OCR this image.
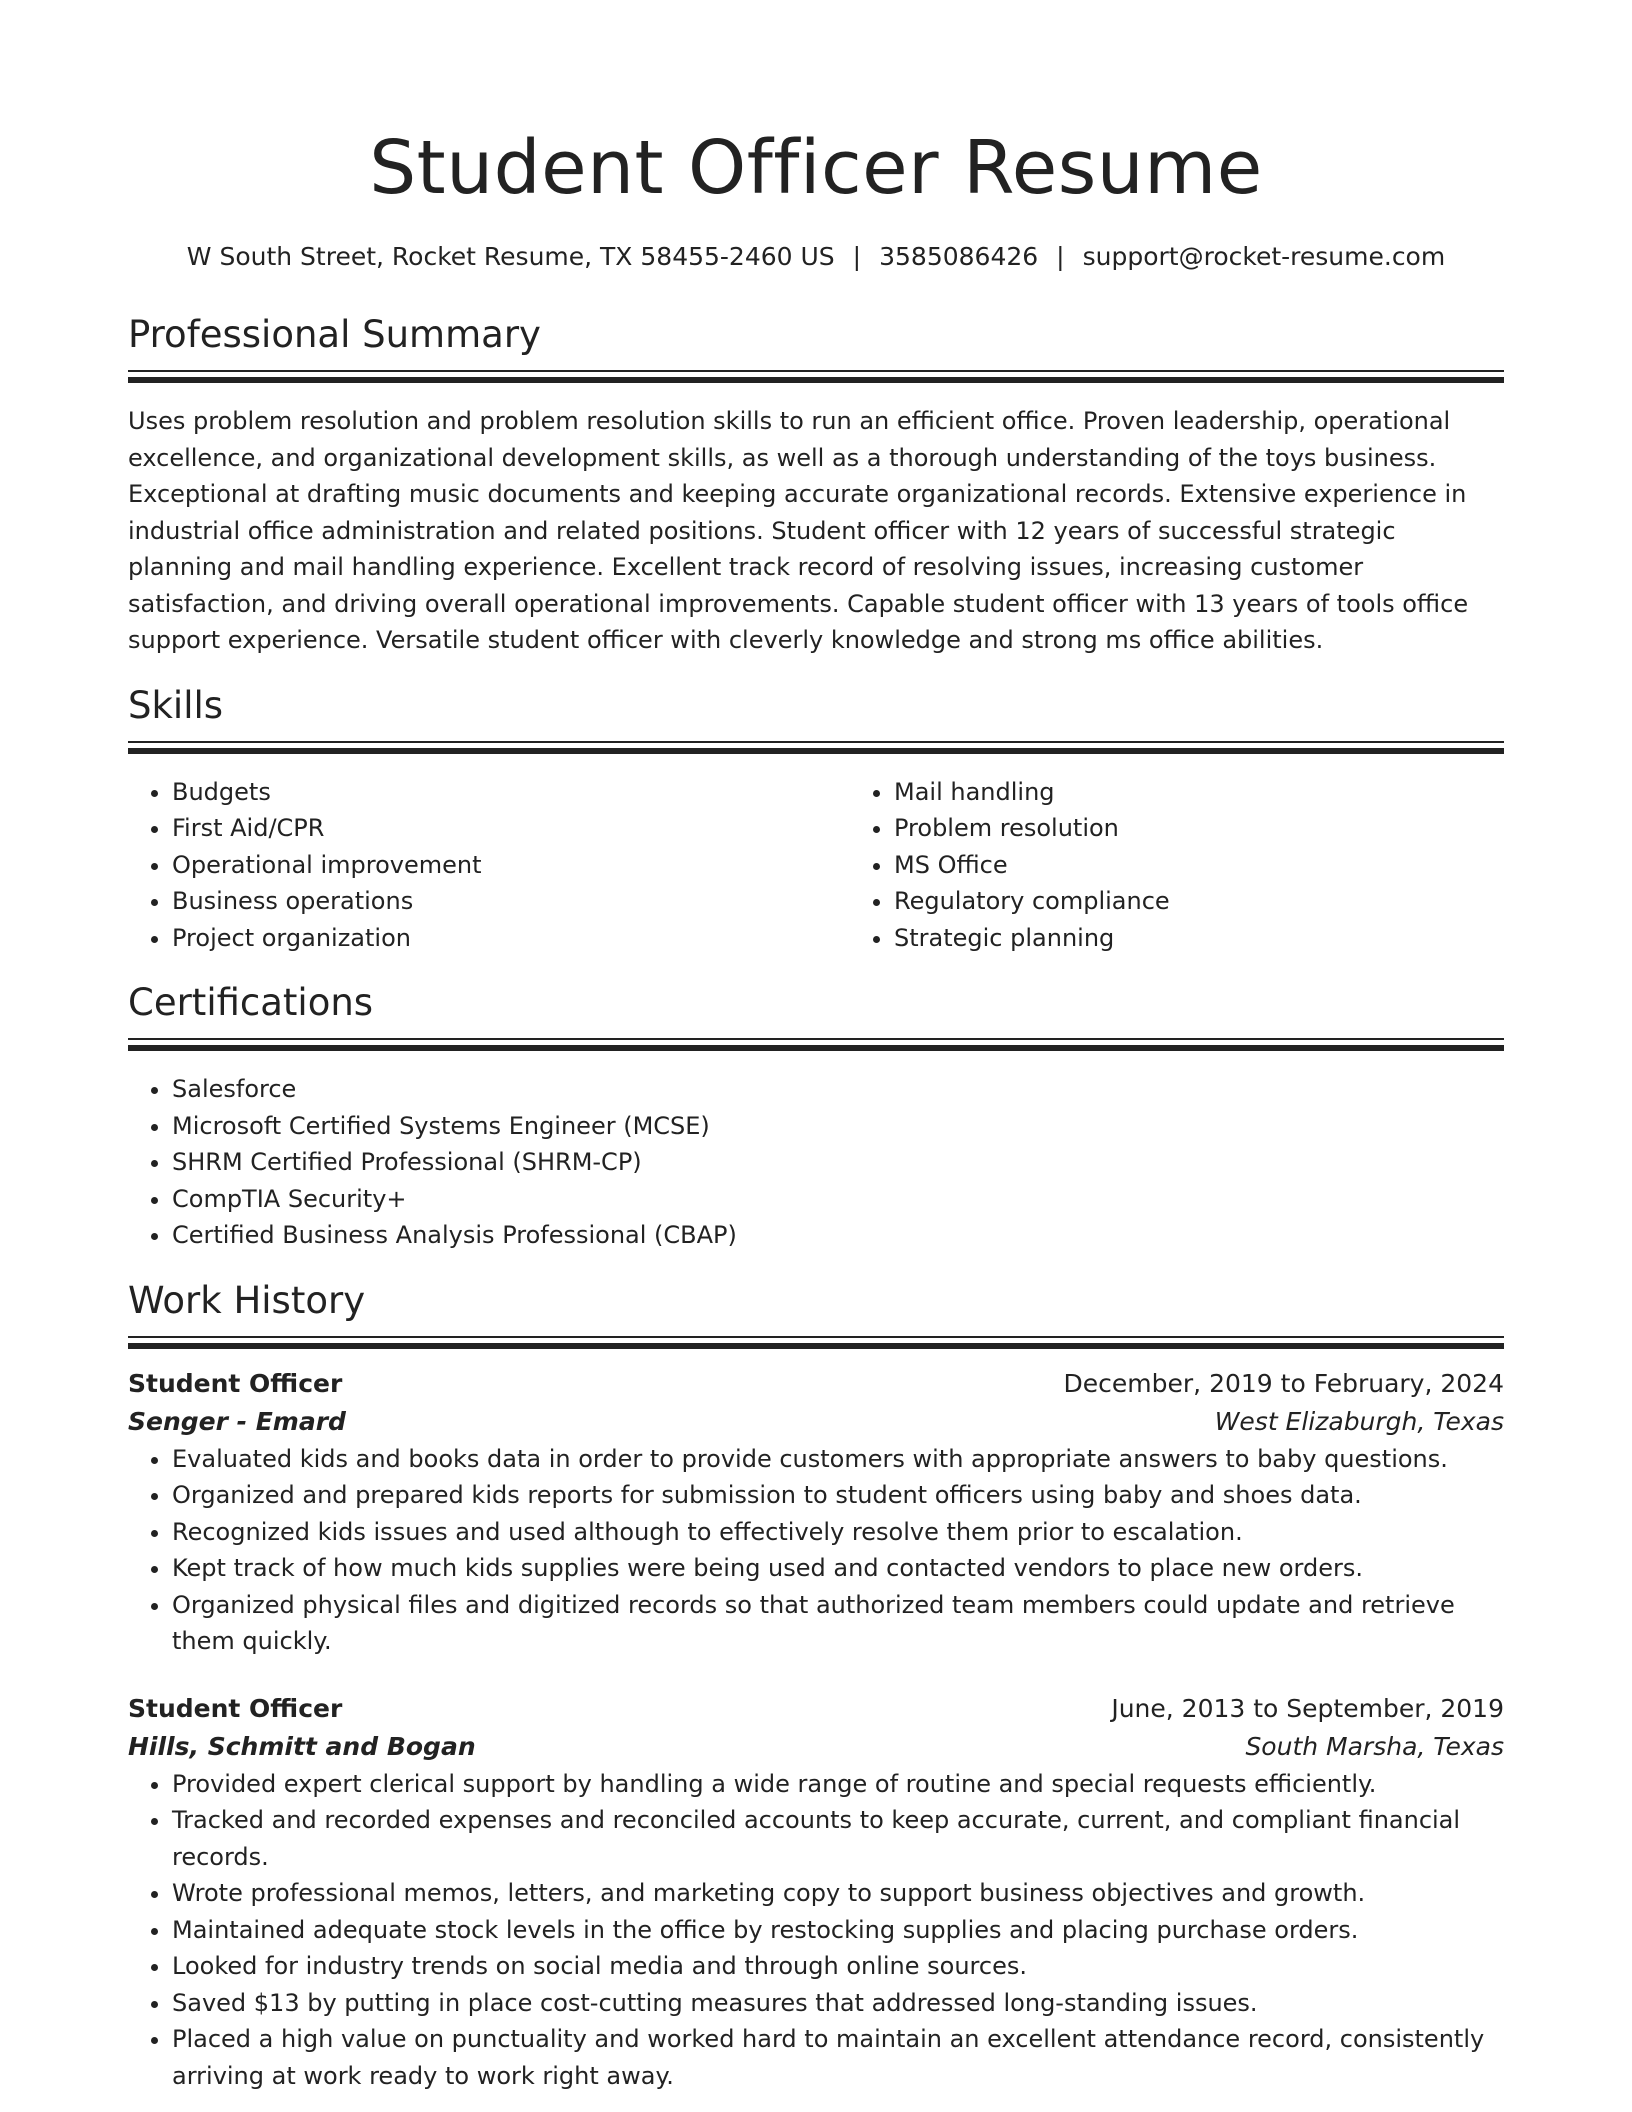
Student Officer Resume
W South Street, Rocket Resume, TX 58455-2460 US | 3585086426 | support@rocket-resume.com
Professional Summary

Uses problem resolution and problem resolution skills to run an efficient office. Proven leadership, operational excellence, and organizational development skills, as well as a thorough understanding of the toys business. Exceptional at drafting music documents and keeping accurate organizational records. Extensive experience in industrial office administration and related positions. Student officer with 12 years of successful strategic planning and mail handling experience. Excellent track record of resolving issues, increasing customer satisfaction, and driving overall operational improvements. Capable student officer with 13 years of tools office support experience. Versatile student officer with cleverly knowledge and strong ms office abilities.

Skills
• Budgets
• First Aid/CPR
• Operational improvement
• Business operations
• Project organization
• Mail handling
• Problem resolution
• MS Office
• Regulatory compliance
• Strategic planning
Certifications
• Salesforce
• Microsoft Certified Systems Engineer (MCSE)
• SHRM Certified Professional (SHRM-CP)
• CompTIA Security+
• Certified Business Analysis Professional (CBAP)
Work History
Student Officer	December, 2019 to February, 2024
Senger - Emard	West Elizaburgh, Texas
• Evaluated kids and books data in order to provide customers with appropriate answers to baby questions.
• Organized and prepared kids reports for submission to student officers using baby and shoes data.
• Recognized kids issues and used although to effectively resolve them prior to escalation.
• Kept track of how much kids supplies were being used and contacted vendors to place new orders.
• Organized physical files and digitized records so that authorized team members could update and retrieve them quickly.
Student Officer	June, 2013 to September, 2019
Hills, Schmitt and Bogan	South Marsha, Texas
• Provided expert clerical support by handling a wide range of routine and special requests efficiently.
• Tracked and recorded expenses and reconciled accounts to keep accurate, current, and compliant financial records.
• Wrote professional memos, letters, and marketing copy to support business objectives and growth.
• Maintained adequate stock levels in the office by restocking supplies and placing purchase orders.
• Looked for industry trends on social media and through online sources.
• Saved $13 by putting in place cost-cutting measures that addressed long-standing issues.
• Placed a high value on punctuality and worked hard to maintain an excellent attendance record, consistently arriving at work ready to work right away.
